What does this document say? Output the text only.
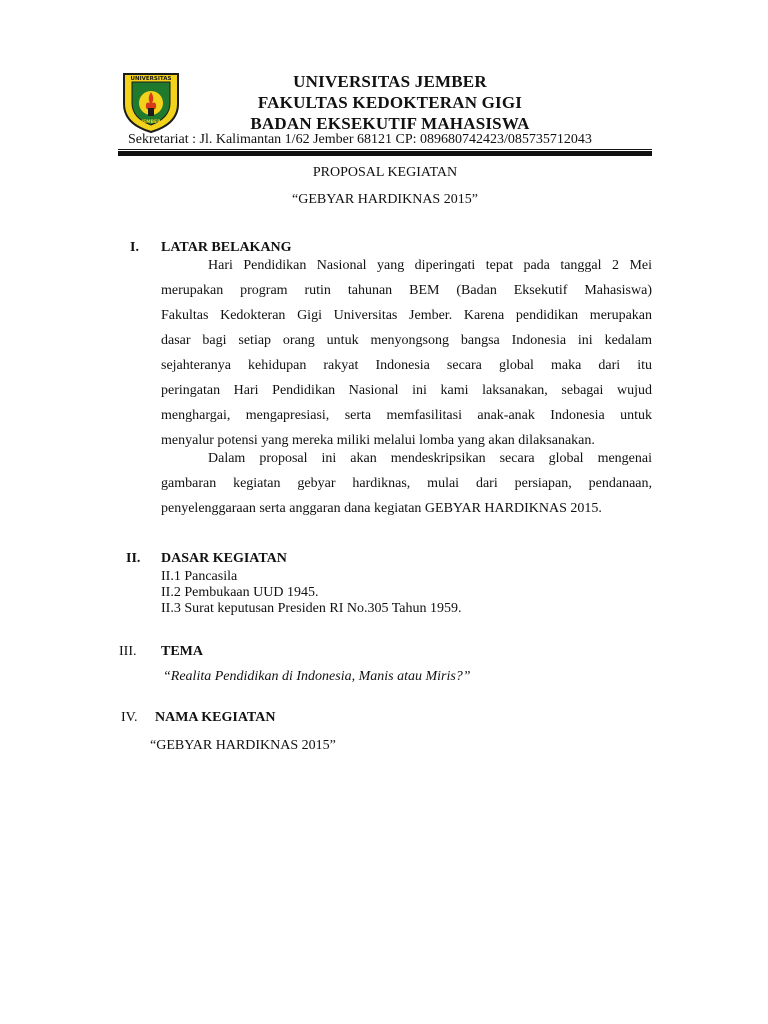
UNIVERSITAS
JEMBER
UNIVERSITAS JEMBER
FAKULTAS KEDOKTERAN GIGI
BADAN EKSEKUTIF MAHASISWA
Sekretariat : Jl. Kalimantan 1/62 Jember 68121 CP: 089680742423/085735712043
PROPOSAL KEGIATAN
“GEBYAR HARDIKNAS 2015”
I. LATAR BELAKANG
Hari Pendidikan Nasional yang diperingati tepat pada tanggal 2 Mei
merupakan program rutin tahunan BEM (Badan Eksekutif Mahasiswa)
Fakultas Kedokteran Gigi Universitas Jember. Karena pendidikan merupakan
dasar bagi setiap orang untuk menyongsong bangsa Indonesia ini kedalam
sejahteranya kehidupan rakyat Indonesia secara global maka dari itu
peringatan Hari Pendidikan Nasional ini kami laksanakan, sebagai wujud
menghargai, mengapresiasi, serta memfasilitasi anak-anak Indonesia untuk
menyalur potensi yang mereka miliki melalui lomba yang akan dilaksanakan.
Dalam proposal ini akan mendeskripsikan secara global mengenai
gambaran kegiatan gebyar hardiknas, mulai dari persiapan, pendanaan,
penyelenggaraan serta anggaran dana kegiatan GEBYAR HARDIKNAS 2015.
II. DASAR KEGIATAN
II.1 Pancasila
II.2 Pembukaan UUD 1945.
II.3 Surat keputusan Presiden RI No.305 Tahun 1959.
III. TEMA
“Realita Pendidikan di Indonesia, Manis atau Miris?”
IV. NAMA KEGIATAN
“GEBYAR HARDIKNAS 2015”
